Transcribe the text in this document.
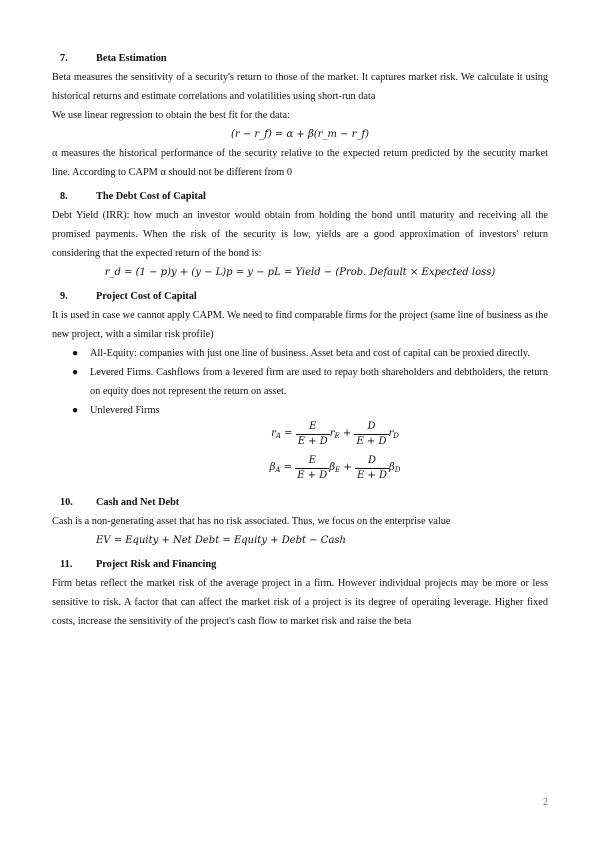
7.	Beta Estimation

Beta measures the sensitivity of a security's return to those of the market. It captures market risk. We calculate it using historical returns and estimate correlations and volatilities using short-run data

We use linear regression to obtain the best fit for the data:

(r − r_f) = α + β(r_m − r_f)

α measures the historical performance of the security relative to the expected return predicted by the security market line. According to CAPM α should not be different from 0

8.	The Debt Cost of Capital

Debt Yield (IRR): how much an investor would obtain from holding the bond until maturity and receiving all the promised payments. When the risk of the security is low, yields are a good approximation of investors' return considering that the expected return of the bond is:

r_d = (1 − p)y + (y − L)p = y − pL = Yield − (Prob. Default × Expected loss)
9.	Project Cost of Capital

It is used in case we cannot apply CAPM. We need to find comparable firms for the project (same line of business as the new project, with a similar risk profile)

● All-Equity: companies with just one line of business. Asset beta and cost of capital can be proxied directly.
● Levered Firms. Cashflows from a levered firm are used to repay both shareholders and debtholders, the return on equity does not represent the return on asset.
● Unlevered Firms
$r_A = \frac{E}{E + D} r_E + \frac{D}{E + D} r_D$
$\beta_A = \frac{E}{E + D} \beta_E + \frac{D}{E + D} \beta_D$
10. Cash and Net Debt

Cash is a non-generating asset that has no risk associated. Thus, we focus on the enterprise value

EV = Equity + Net Debt = Equity + Debt − Cash
11. Project Risk and Financing

Firm betas reflect the market risk of the average project in a firm. However individual projects may be more or less sensitive to risk. A factor that can affect the market risk of a project is its degree of operating leverage. Higher fixed costs, increase the sensitivity of the project's cash flow to market risk and raise the beta

2
